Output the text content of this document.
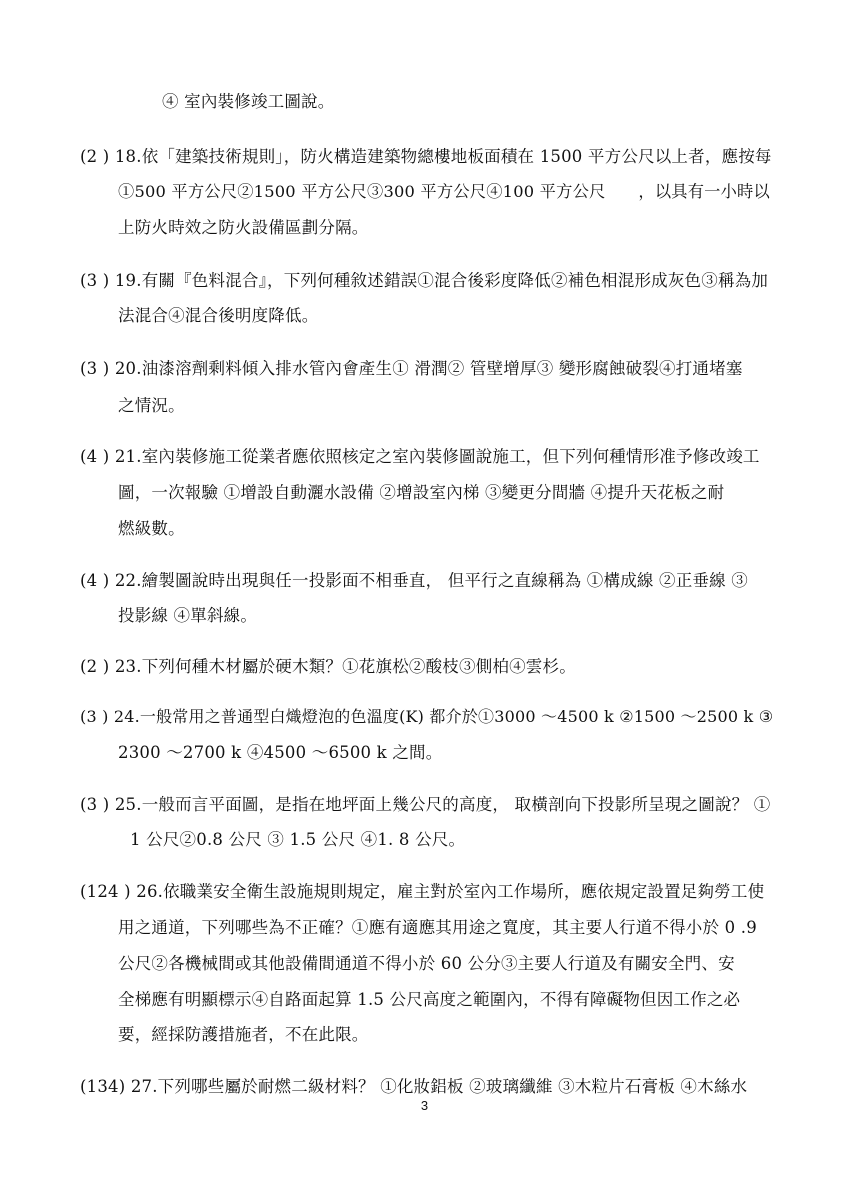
④ 室內裝修竣工圖說。
(2 ) 18.依「建築技術規則」，防火構造建築物總樓地板面積在 1500 平方公尺以上者，應按每
①500 平方公尺②1500 平方公尺③300 平方公尺④100 平方公尺　　，以具有一小時以
上防火時效之防火設備區劃分隔。
(3 ) 19.有關『色料混合』，下列何種敘述錯誤①混合後彩度降低②補色相混形成灰色③稱為加
法混合④混合後明度降低。
(3 ) 20.油漆溶劑剩料傾入排水管內會產生① 滑潤② 管壁增厚③ 變形腐蝕破裂④打通堵塞
之情況。
(4 ) 21.室內裝修施工從業者應依照核定之室內裝修圖說施工，但下列何種情形准予修改竣工
圖，一次報驗 ①增設自動灑水設備 ②增設室內梯 ③變更分間牆 ④提升天花板之耐
燃級數。
(4 ) 22.繪製圖說時出現與任一投影面不相垂直， 但平行之直線稱為 ①構成線 ②正垂線 ③
投影線 ④單斜線。
(2 ) 23.下列何種木材屬於硬木類？①花旗松②酸枝③側柏④雲杉。
(3 ) 24.一般常用之普通型白熾燈泡的色溫度(K) 都介於①3000 ～4500 k ②1500 ～2500 k ③
2300 ～2700 k ④4500 ～6500 k 之間。
(3 ) 25.一般而言平面圖，是指在地坪面上幾公尺的高度， 取橫剖向下投影所呈現之圖說？ ①
1 公尺②0.8 公尺 ③ 1.5 公尺 ④1. 8 公尺。
(124 ) 26.依職業安全衛生設施規則規定，雇主對於室內工作場所，應依規定設置足夠勞工使
用之通道，下列哪些為不正確？①應有適應其用途之寬度，其主要人行道不得小於 0 .9
公尺②各機械間或其他設備間通道不得小於 60 公分③主要人行道及有關安全門、安
全梯應有明顯標示④自路面起算 1.5 公尺高度之範圍內，不得有障礙物但因工作之必
要，經採防護措施者，不在此限。
(134) 27.下列哪些屬於耐燃二級材料？ ①化妝鋁板 ②玻璃纖維 ③木粒片石膏板 ④木絲水
3
